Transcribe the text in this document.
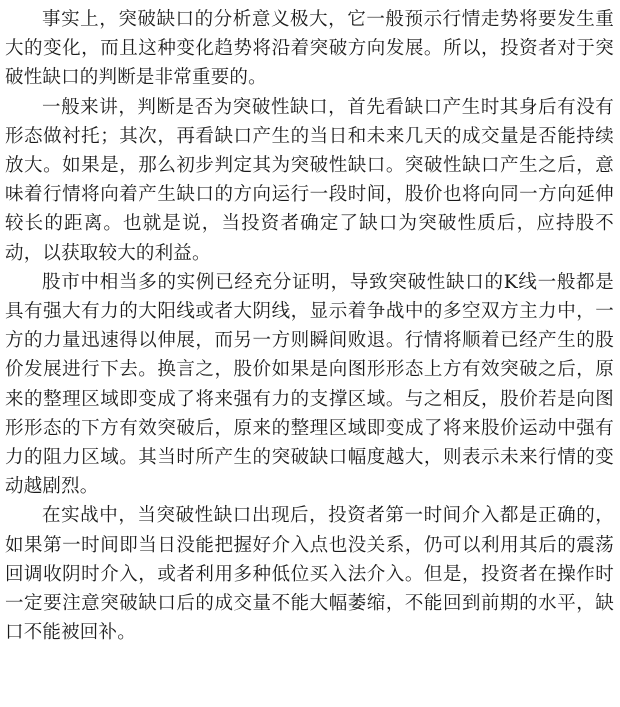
事实上，突破缺口的分析意义极大，它一般预示行情走势将要发生重大的变化，而且这种变化趋势将沿着突破方向发展。所以，投资者对于突破性缺口的判断是非常重要的。

一般来讲，判断是否为突破性缺口，首先看缺口产生时其身后有没有形态做衬托；其次，再看缺口产生的当日和未来几天的成交量是否能持续放大。如果是，那么初步判定其为突破性缺口。突破性缺口产生之后，意味着行情将向着产生缺口的方向运行一段时间，股价也将向同一方向延伸较长的距离。也就是说，当投资者确定了缺口为突破性质后，应持股不动，以获取较大的利益。

股市中相当多的实例已经充分证明，导致突破性缺口的K线一般都是具有强大有力的大阳线或者大阴线，显示着争战中的多空双方主力中，一方的力量迅速得以伸展，而另一方则瞬间败退。行情将顺着已经产生的股价发展进行下去。换言之，股价如果是向图形形态上方有效突破之后，原来的整理区域即变成了将来强有力的支撑区域。与之相反，股价若是向图形形态的下方有效突破后，原来的整理区域即变成了将来股价运动中强有力的阻力区域。其当时所产生的突破缺口幅度越大，则表示未来行情的变动越剧烈。

在实战中，当突破性缺口出现后，投资者第一时间介入都是正确的，如果第一时间即当日没能把握好介入点也没关系，仍可以利用其后的震荡回调收阴时介入，或者利用多种低位买入法介入。但是，投资者在操作时一定要注意突破缺口后的成交量不能大幅萎缩，不能回到前期的水平，缺口不能被回补。
